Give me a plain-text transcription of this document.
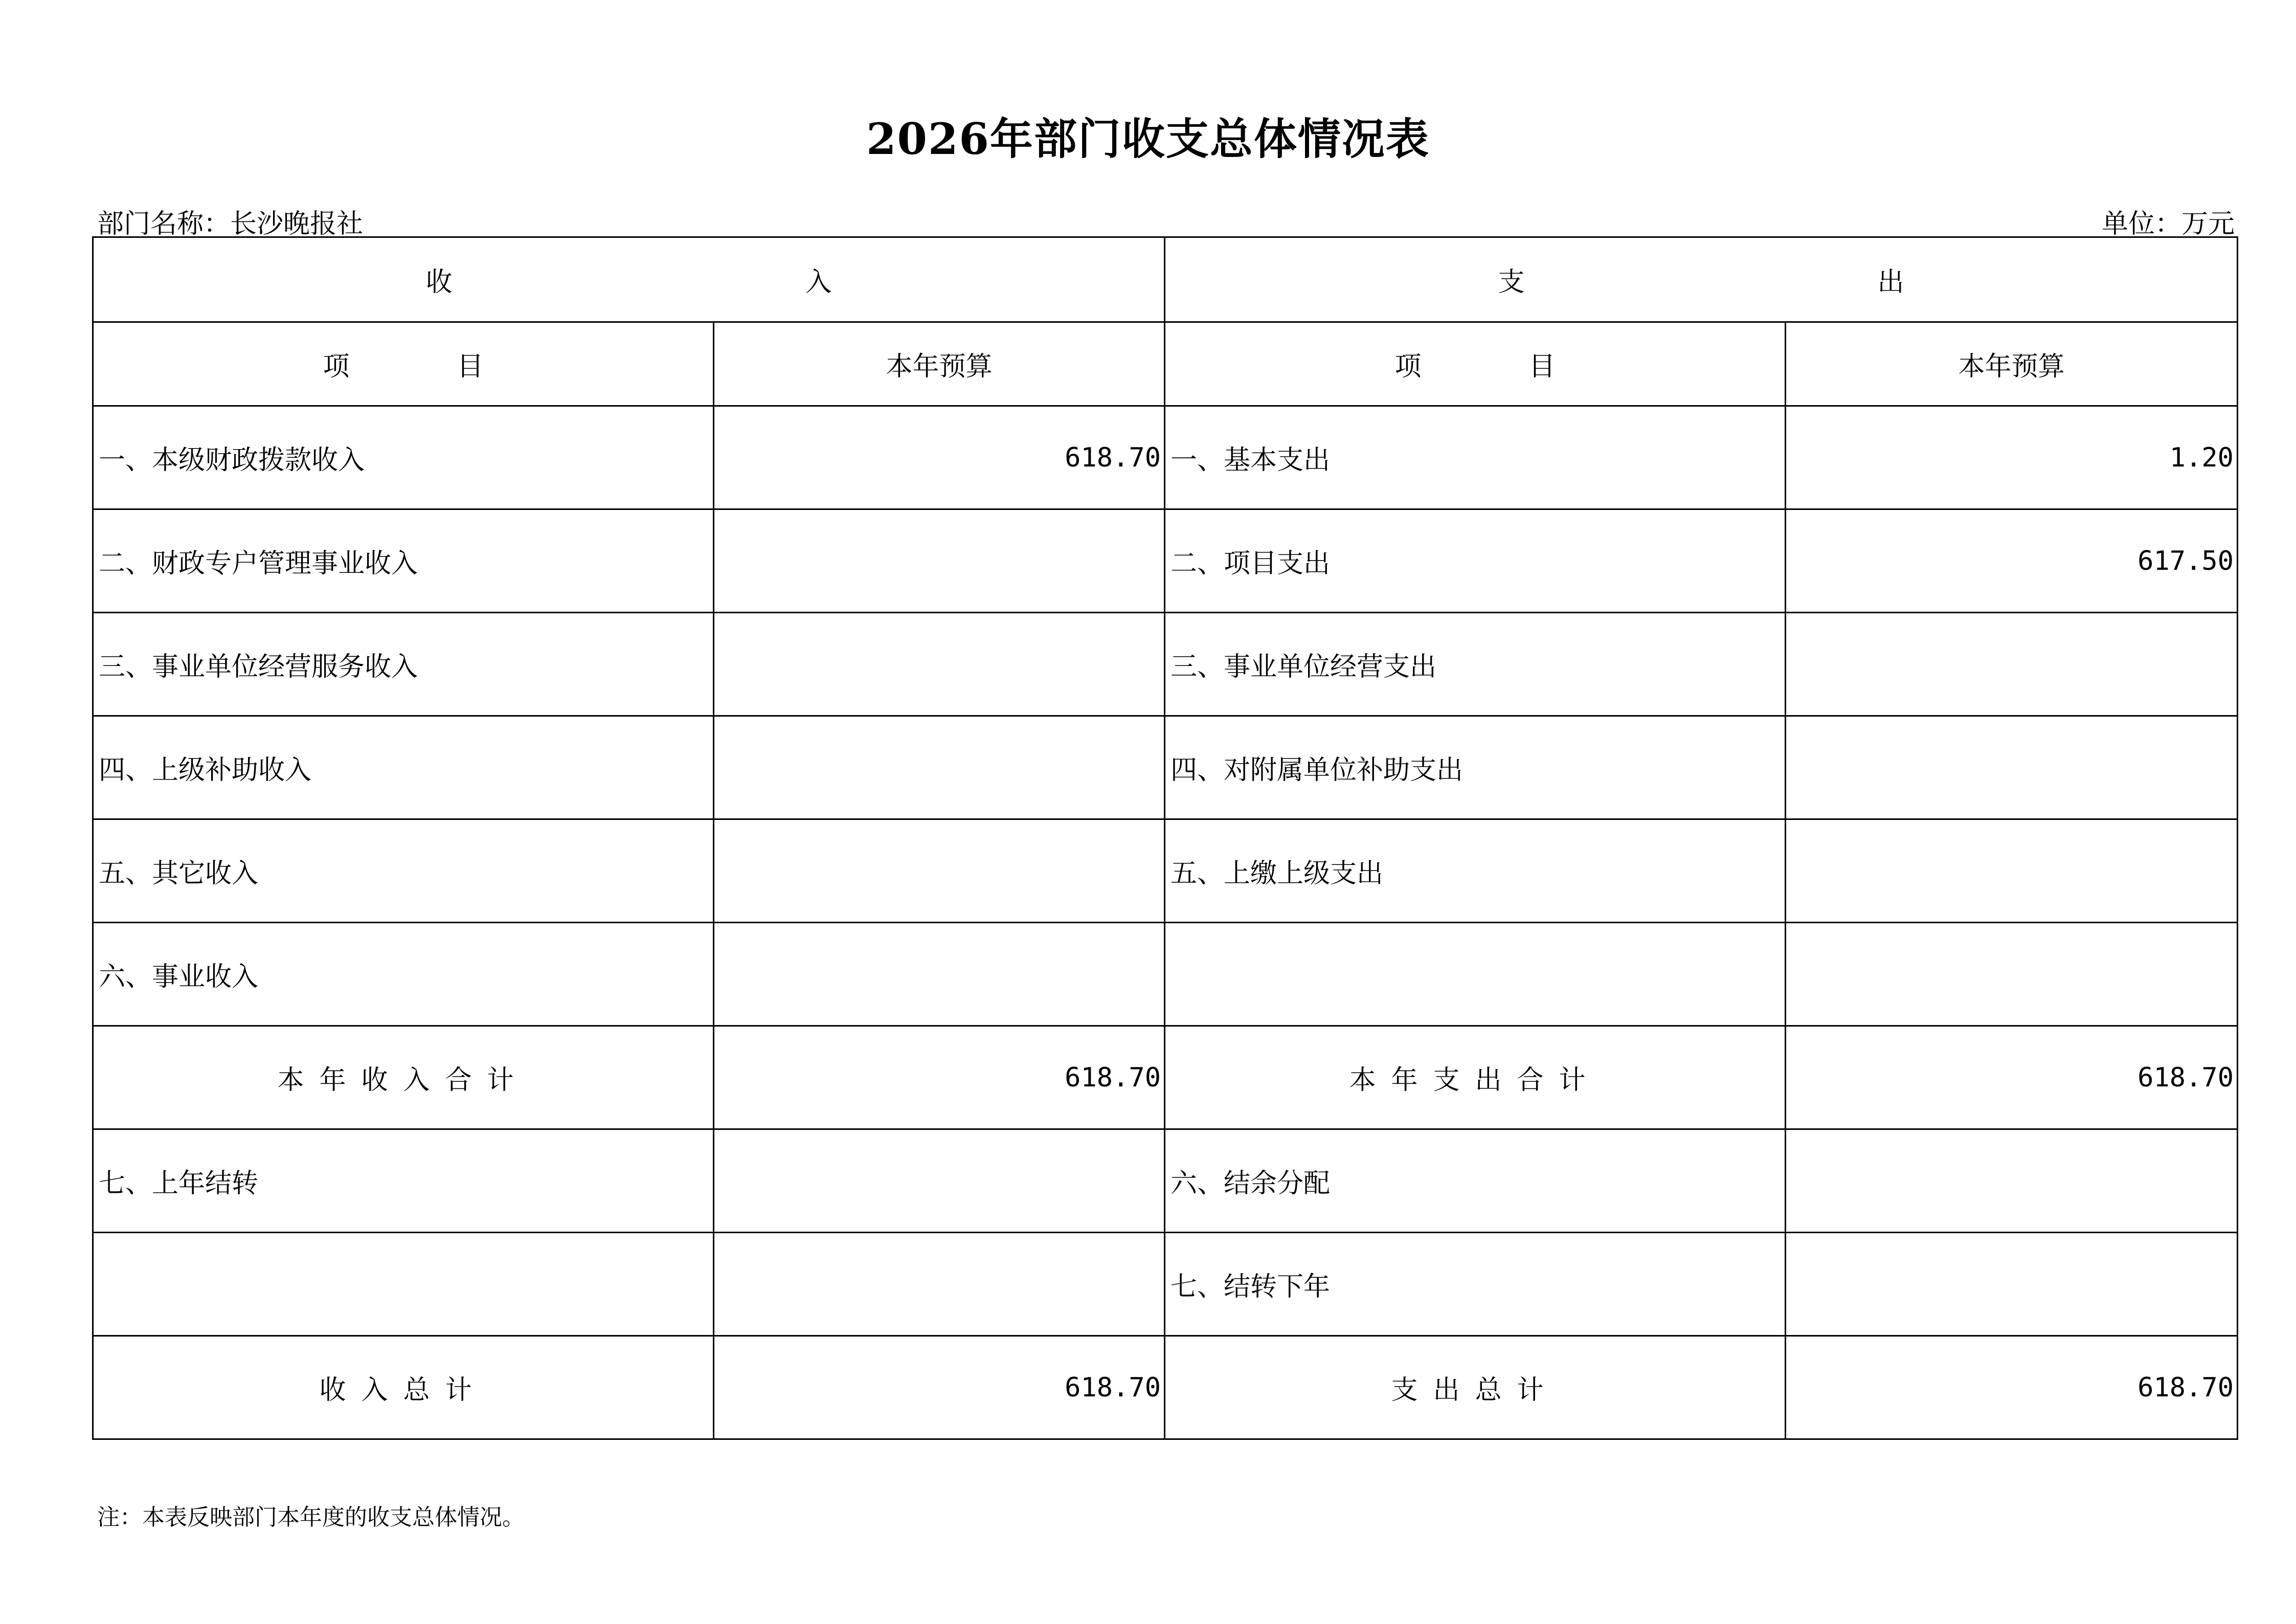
2026年部门收支总体情况表
部门名称：长沙晚报社	单位：万元
收 入		支 出	

项 目	本年预算	项 目	本年预算
一、本级财政拨款收入	618.70	一、基本支出	1.20
二、财政专户管理事业收入		二、项目支出	617.50
三、事业单位经营服务收入		三、事业单位经营支出	
四、上级补助收入		四、对附属单位补助支出	
五、其它收入		五、上缴上级支出	
六、事业收入			
本年收入合计	618.70	本年支出合计	618.70
七、上年结转		六、结余分配	
		七、结转下年	
收入总计	618.70	支出总计	618.70
注：本表反映部门本年度的收支总体情况。
